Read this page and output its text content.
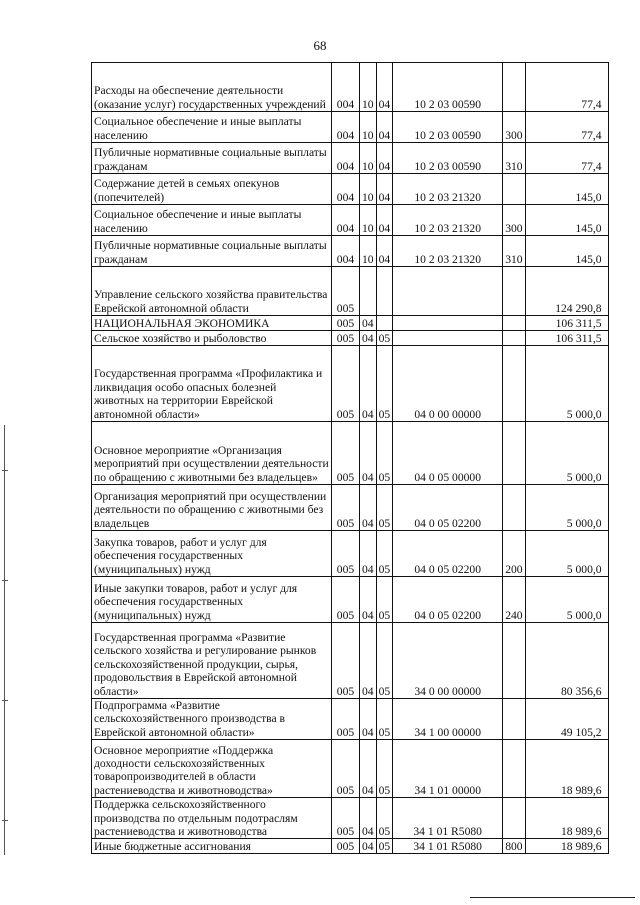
68
Расходы на обеспечение деятельности (оказание услуг) государственных учреждений	004	10	04	10 2 03 00590		77,4
Социальное обеспечение и иные выплаты населению	004	10	04	10 2 03 00590	300	77,4
Публичные нормативные социальные выплаты гражданам	004	10	04	10 2 03 00590	310	77,4
Содержание детей в семьях опекунов (попечителей)	004	10	04	10 2 03 21320		145,0
Социальное обеспечение и иные выплаты населению	004	10	04	10 2 03 21320	300	145,0
Публичные нормативные социальные выплаты гражданам	004	10	04	10 2 03 21320	310	145,0
Управление сельского хозяйства правительства Еврейской автономной области	005					124 290,8
НАЦИОНАЛЬНАЯ ЭКОНОМИКА	005	04				106 311,5
Сельское хозяйство и рыболовство	005	04	05			106 311,5
Государственная программа «Профилактика и ликвидация особо опасных болезней животных на территории Еврейской автономной области»	005	04	05	04 0 00 00000		5 000,0
Основное мероприятие «Организация мероприятий при осуществлении деятельности по обращению с животными без владельцев»	005	04	05	04 0 05 00000		5 000,0
Организация мероприятий при осуществлении деятельности по обращению с животными без владельцев	005	04	05	04 0 05 02200		5 000,0
Закупка товаров, работ и услуг для обеспечения государственных (муниципальных) нужд	005	04	05	04 0 05 02200	200	5 000,0
Иные закупки товаров, работ и услуг для обеспечения государственных (муниципальных) нужд	005	04	05	04 0 05 02200	240	5 000,0
Государственная программа «Развитие сельского хозяйства и регулирование рынков сельскохозяйственной продукции, сырья, продовольствия в Еврейской автономной области»	005	04	05	34 0 00 00000		80 356,6
Подпрограмма «Развитие сельскохозяйственного производства в Еврейской автономной области»	005	04	05	34 1 00 00000		49 105,2
Основное мероприятие «Поддержка доходности сельскохозяйственных товаропроизводителей в области растениеводства и животноводства»	005	04	05	34 1 01 00000		18 989,6
Поддержка сельскохозяйственного производства по отдельным подотраслям растениеводства и животноводства	005	04	05	34 1 01 R5080		18 989,6
Иные бюджетные ассигнования	005	04	05	34 1 01 R5080	800	18 989,6
